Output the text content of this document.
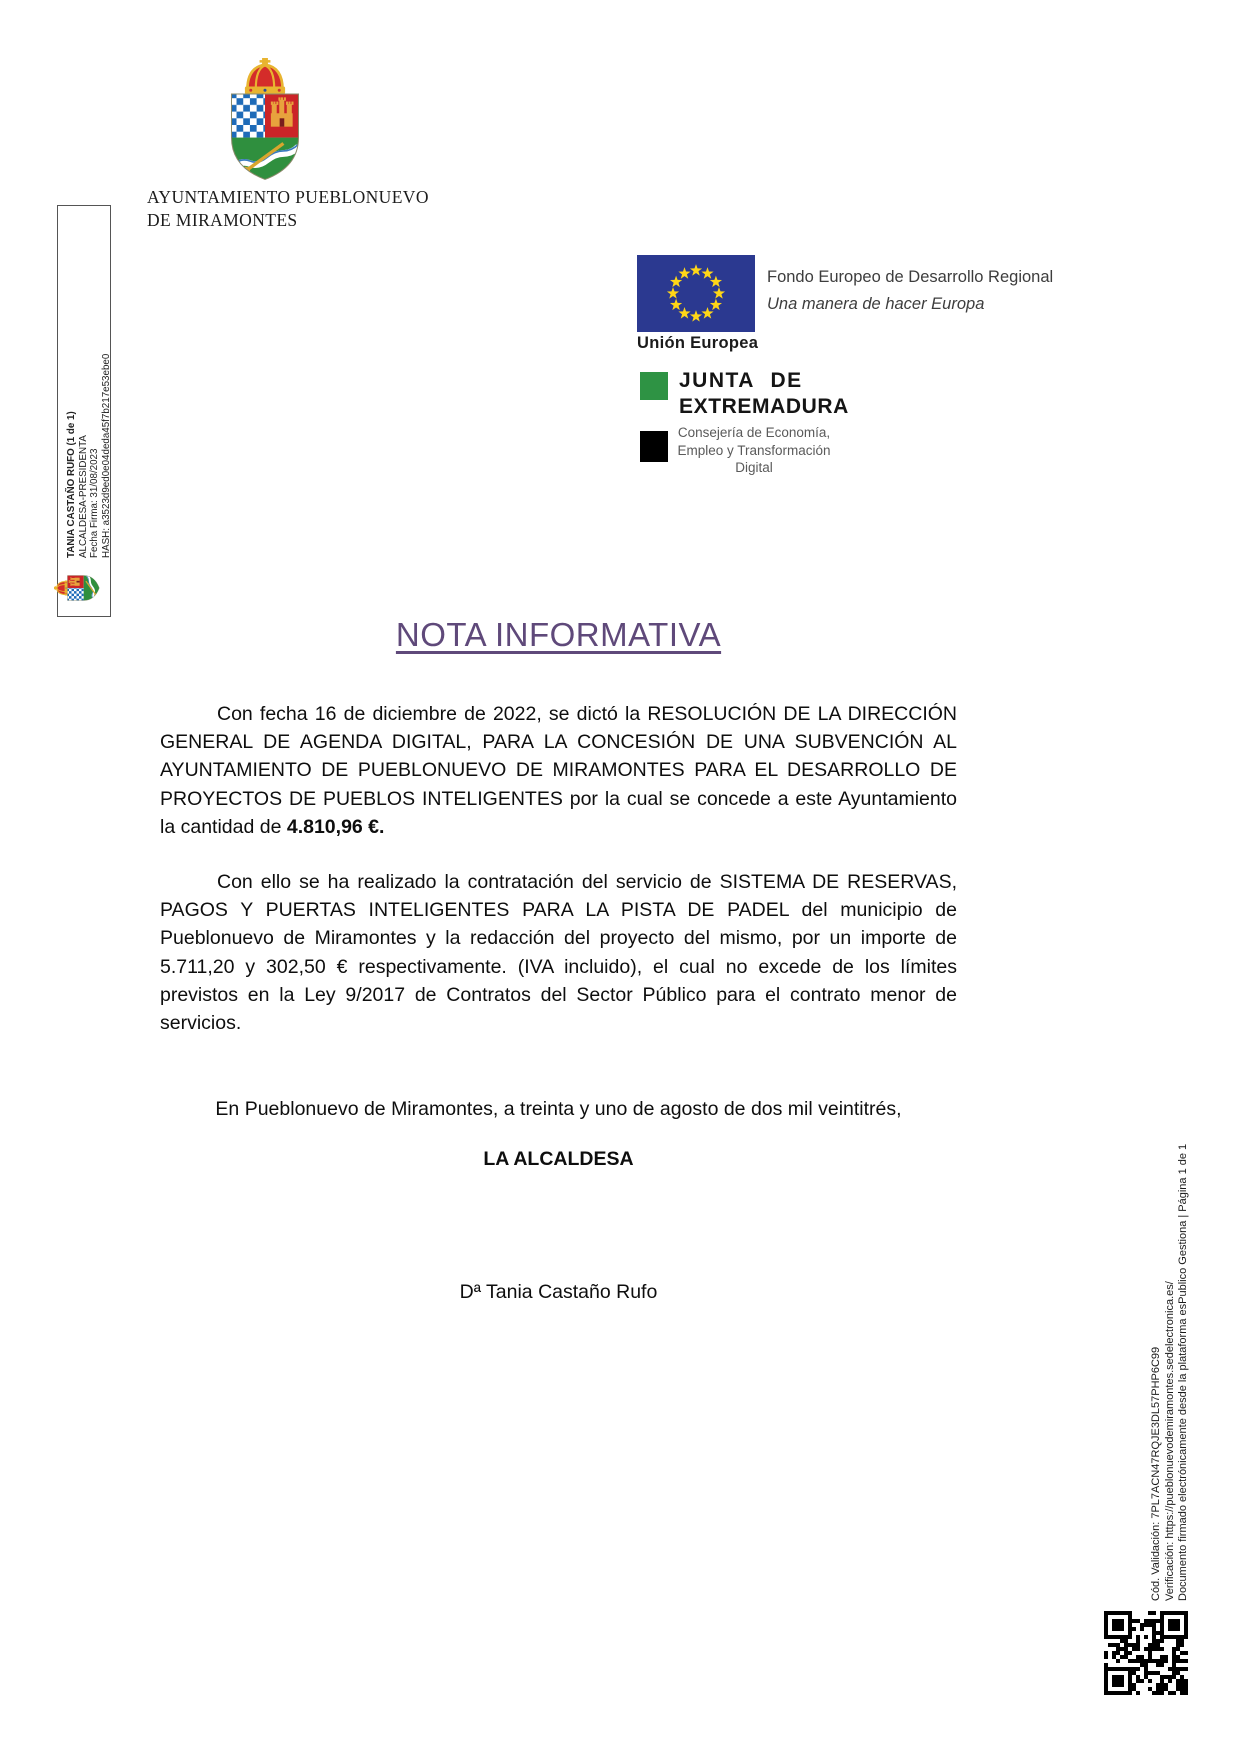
AYUNTAMIENTO PUEBLONUEVO
DE MIRAMONTES
TANIA CASTAÑO RUFO (1 de 1) ALCALDESA-PRESIDENTA Fecha Firma: 31/08/2023 HASH: a3523d9ed0e04deda45f7b217e53ebe0
Fondo Europeo de Desarrollo Regional
Una manera de hacer Europa
Unión Europea
JUNTA DE
EXTREMADURA
Consejería de Economía,
Empleo y Transformación
Digital
NOTA INFORMATIVA

Con fecha 16 de diciembre de 2022, se dictó la RESOLUCIÓN DE LA DIRECCIÓN GENERAL DE AGENDA DIGITAL, PARA LA CONCESIÓN DE UNA SUBVENCIÓN AL AYUNTAMIENTO DE PUEBLONUEVO DE MIRAMONTES PARA EL DESARROLLO DE PROYECTOS DE PUEBLOS INTELIGENTES por la cual se concede a este Ayuntamiento la cantidad de 4.810,96 €.

Con ello se ha realizado la contratación del servicio de SISTEMA DE RESERVAS, PAGOS Y PUERTAS INTELIGENTES PARA LA PISTA DE PADEL del municipio de Pueblonuevo de Miramontes y la redacción del proyecto del mismo, por un importe de 5.711,20 y 302,50 € respectivamente. (IVA incluido), el cual no excede de los límites previstos en la Ley 9/2017 de Contratos del Sector Público para el contrato menor de servicios.

En Pueblonuevo de Miramontes, a treinta y uno de agosto de dos mil veintitrés,
LA ALCALDESA
Dª Tania Castaño Rufo
Cód. Validación: 7PL7ACN47RQJE3DL57PHP6C99 Verificación: https://pueblonuevodemiramontes.sedelectronica.es/ Documento firmado electrónicamente desde la plataforma esPublico Gestiona | Página 1 de 1
